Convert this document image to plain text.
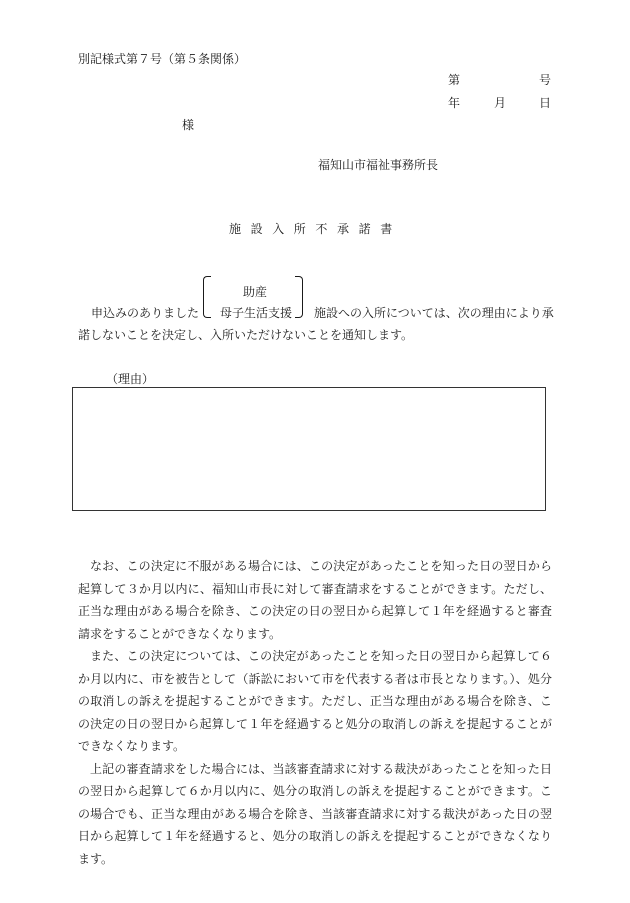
別記様式第７号（第５条関係）
第	号
年	月	日
様
福知山市福祉事務所長
施設入所不承諾書
助産
母子生活支援
申込みのありました	施設への入所については、次の理由により承
諾しないことを決定し、入所いただけないことを通知します。
（理由）

なお、この決定に不服がある場合には、この決定があったことを知った日の翌日から起算して３か月以内に、福知山市長に対して審査請求をすることができます。ただし、正当な理由がある場合を除き、この決定の日の翌日から起算して１年を経過すると審査請求をすることができなくなります。

また、この決定については、この決定があったことを知った日の翌日から起算して６か月以内に、市を被告として（訴訟において市を代表する者は市長となります。）、処分の取消しの訴えを提起することができます。ただし、正当な理由がある場合を除き、この決定の日の翌日から起算して１年を経過すると処分の取消しの訴えを提起することができなくなります。

上記の審査請求をした場合には、当該審査請求に対する裁決があったことを知った日の翌日から起算して６か月以内に、処分の取消しの訴えを提起することができます。この場合でも、正当な理由がある場合を除き、当該審査請求に対する裁決があった日の翌日から起算して１年を経過すると、処分の取消しの訴えを提起することができなくなります。
